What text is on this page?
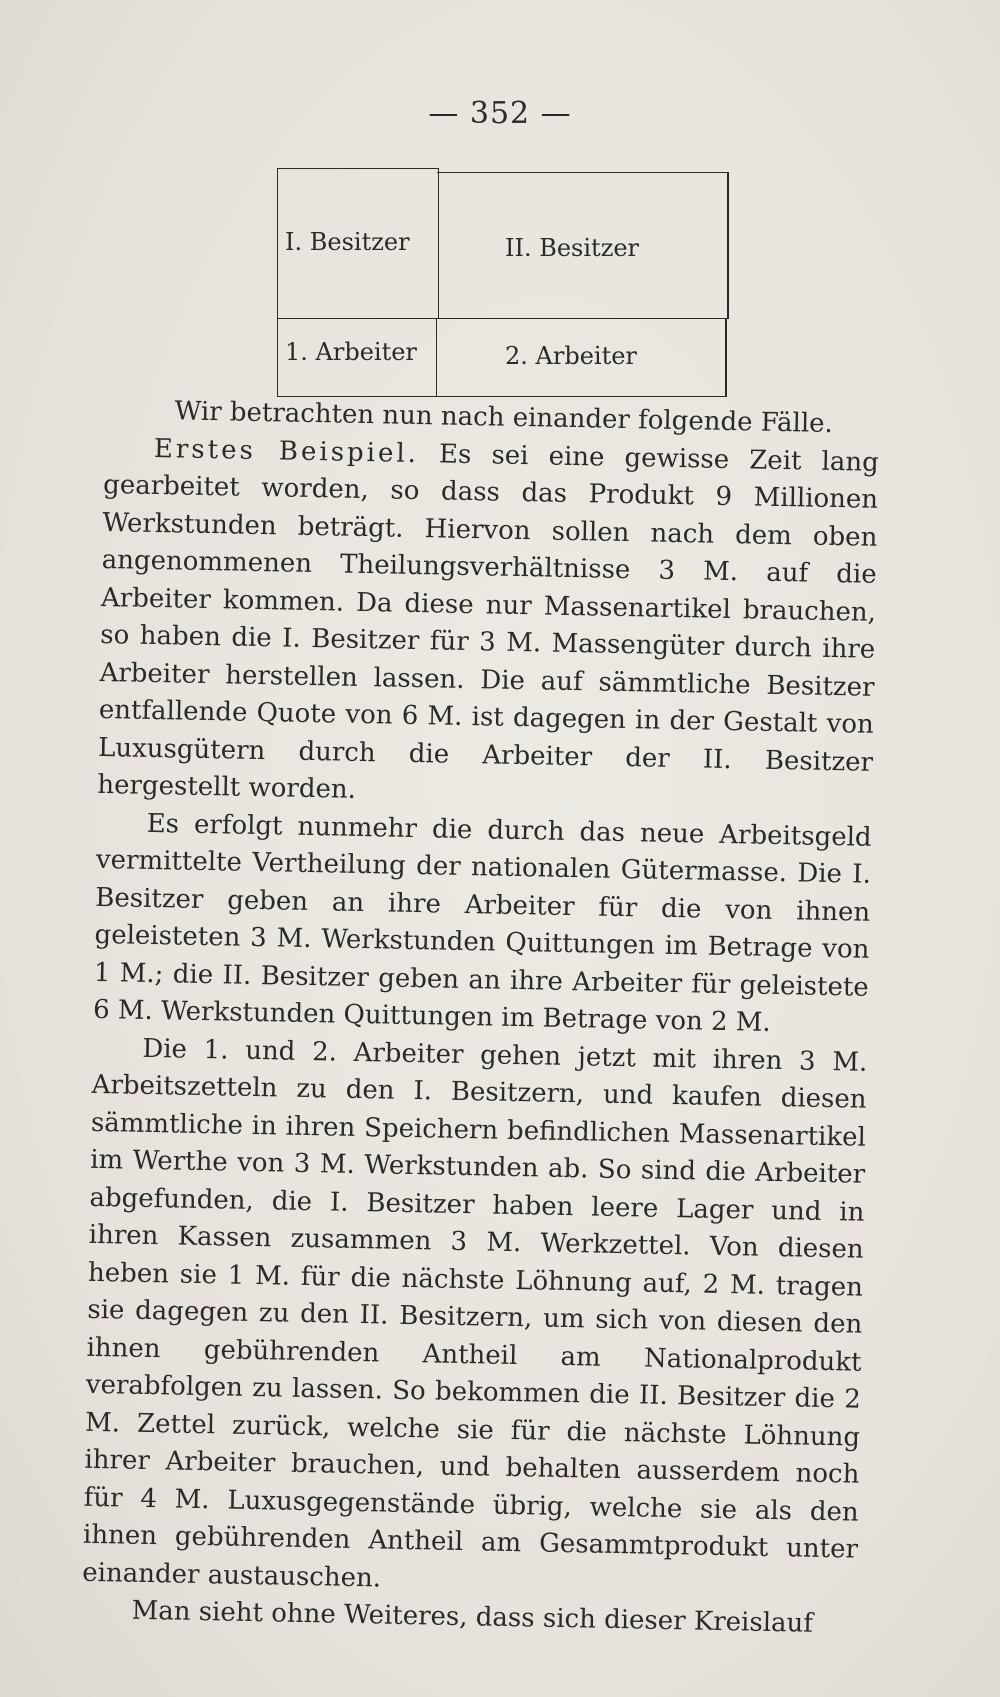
— 352 —
I. Besitzer	II. Besitzer
1. Arbeiter	2. Arbeiter

Wir betrachten nun nach einander folgende Fälle.

Erstes Beispiel. Es sei eine gewisse Zeit lang gearbeitet worden, so dass das Produkt 9 Millionen Werkstunden beträgt. Hiervon sollen nach dem oben angenommenen Theilungsverhältnisse 3 M. auf die Arbeiter kommen. Da diese nur Massenartikel brauchen, so haben die I. Besitzer für 3 M. Massengüter durch ihre Arbeiter herstellen lassen. Die auf sämmtliche Besitzer entfallende Quote von 6 M. ist dagegen in der Gestalt von Luxusgütern durch die Arbeiter der II. Besitzer hergestellt worden.

Es erfolgt nunmehr die durch das neue Arbeitsgeld vermittelte Vertheilung der nationalen Gütermasse. Die I. Besitzer geben an ihre Arbeiter für die von ihnen geleisteten 3 M. Werkstunden Quittungen im Betrage von 1 M.; die II. Besitzer geben an ihre Arbeiter für geleistete 6 M. Werkstunden Quittungen im Betrage von 2 M.

Die 1. und 2. Arbeiter gehen jetzt mit ihren 3 M. Arbeitszetteln zu den I. Besitzern, und kaufen diesen sämmtliche in ihren Speichern befindlichen Massenartikel im Werthe von 3 M. Werkstunden ab. So sind die Arbeiter abgefunden, die I. Besitzer haben leere Lager und in ihren Kassen zusammen 3 M. Werkzettel. Von diesen heben sie 1 M. für die nächste Löhnung auf, 2 M. tragen sie dagegen zu den II. Besitzern, um sich von diesen den ihnen gebührenden Antheil am Nationalprodukt verabfolgen zu lassen. So bekommen die II. Besitzer die 2 M. Zettel zurück, welche sie für die nächste Löhnung ihrer Arbeiter brauchen, und behalten ausserdem noch für 4 M. Luxusgegenstände übrig, welche sie als den ihnen gebührenden Antheil am Gesammtprodukt unter einander austauschen.

Man sieht ohne Weiteres, dass sich dieser Kreislauf
